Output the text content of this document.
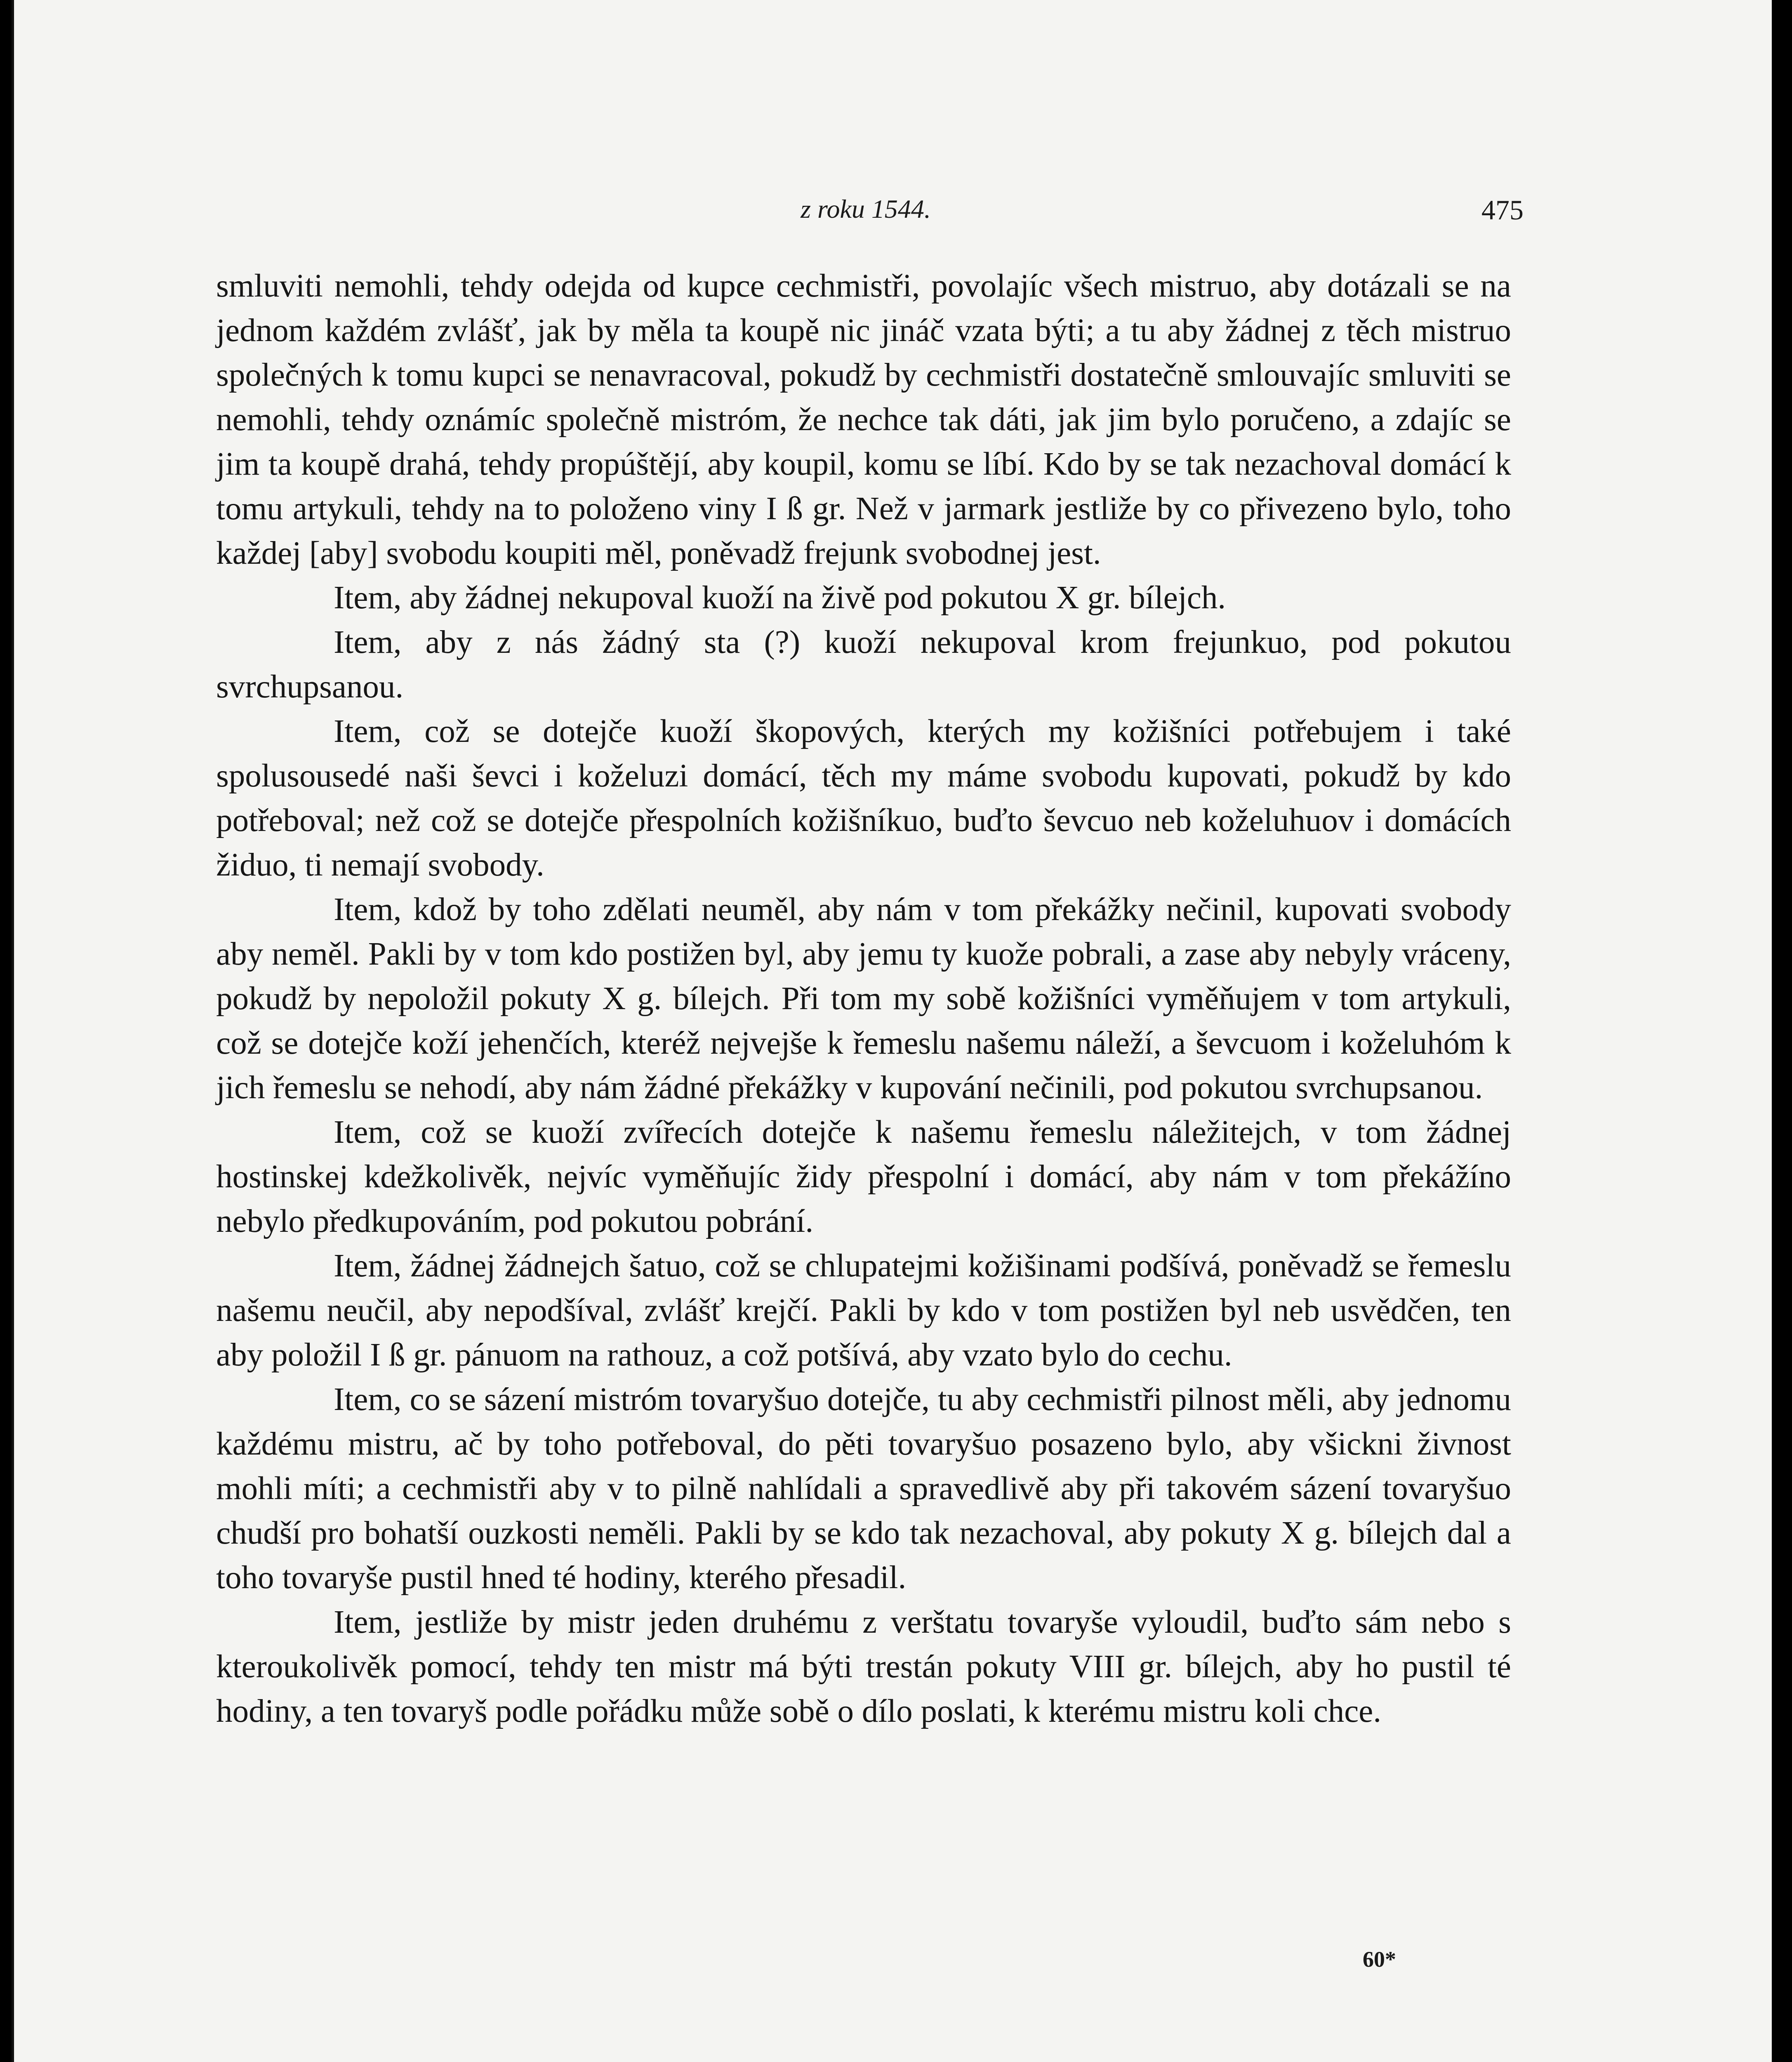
z roku 1544.	475

smluviti nemohli, tehdy odejda od kupce cechmistři, povolajíc všech mistruo, aby dotázali se na jednom každém zvlášť, jak by měla ta koupě nic jináč vzata býti; a tu aby žádnej z těch mistruo společných k tomu kupci se nenavracoval, pokudž by cechmistři dostatečně smlouvajíc smluviti se nemohli, tehdy oznámíc společně mistróm, že nechce tak dáti, jak jim bylo poručeno, a zdajíc se jim ta koupě drahá, tehdy propúštějí, aby koupil, komu se líbí. Kdo by se tak nezachoval domácí k tomu artykuli, tehdy na to položeno viny I ß gr. Než v jarmark jestliže by co přivezeno bylo, toho každej [aby] svobodu koupiti měl, poněvadž frejunk svobodnej jest.

Item, aby žádnej nekupoval kuoží na živě pod pokutou X gr. bílejch.

Item, aby z nás žádný sta (?) kuoží nekupoval krom frejunkuo, pod pokutou svrchupsanou.

Item, což se dotejče kuoží škopových, kterých my kožišníci potřebujem i také spolusousedé naši ševci i koželuzi domácí, těch my máme svobodu kupovati, pokudž by kdo potřeboval; než což se dotejče přespolních kožišníkuo, buďto ševcuo neb koželuhuov i domácích židuo, ti nemají svobody.

Item, kdož by toho zdělati neuměl, aby nám v tom překážky nečinil, kupovati svobody aby neměl. Pakli by v tom kdo postižen byl, aby jemu ty kuože pobrali, a zase aby nebyly vráceny, pokudž by nepoložil pokuty X g. bílejch. Při tom my sobě kožišníci vyměňujem v tom artykuli, což se dotejče koží jehenčích, kteréž nejvejše k řemeslu našemu náleží, a ševcuom i koželuhóm k jich řemeslu se nehodí, aby nám žádné překážky v kupování nečinili, pod pokutou svrchupsanou.

Item, což se kuoží zvířecích dotejče k našemu řemeslu náležitejch, v tom žádnej hostinskej kdežkolivěk, nejvíc vyměňujíc židy přespolní i domácí, aby nám v tom překážíno nebylo předkupováním, pod pokutou pobrání.

Item, žádnej žádnejch šatuo, což se chlupatejmi kožišinami podšívá, poněvadž se řemeslu našemu neučil, aby nepodšíval, zvlášť krejčí. Pakli by kdo v tom postižen byl neb usvědčen, ten aby položil I ß gr. pánuom na rathouz, a což potšívá, aby vzato bylo do cechu.

Item, co se sázení mistróm tovaryšuo dotejče, tu aby cechmistři pilnost měli, aby jednomu každému mistru, ač by toho potřeboval, do pěti tovaryšuo posazeno bylo, aby všickni živnost mohli míti; a cechmistři aby v to pilně nahlídali a spravedlivě aby při takovém sázení tovaryšuo chudší pro bohatší ouzkosti neměli. Pakli by se kdo tak nezachoval, aby pokuty X g. bílejch dal a toho tovaryše pustil hned té hodiny, kterého přesadil.

Item, jestliže by mistr jeden druhému z verštatu tovaryše vyloudil, buďto sám nebo s kteroukolivěk pomocí, tehdy ten mistr má býti trestán pokuty VIII gr. bílejch, aby ho pustil té hodiny, a ten tovaryš podle pořádku může sobě o dílo poslati, k kterému mistru koli chce.

60*
